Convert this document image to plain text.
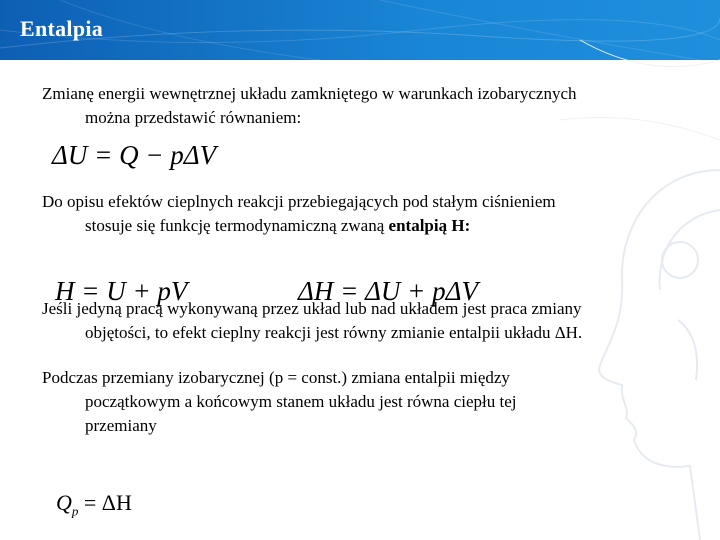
Entalpia
Zmianę energii wewnętrznej układu zamkniętego w warunkach izobarycznych
można przedstawić równaniem:
ΔU = Q − pΔV
Do opisu efektów cieplnych reakcji przebiegających pod stałym ciśnieniem
stosuje się funkcję termodynamiczną zwaną entalpią H:
H = U + pV	ΔH = ΔU + pΔV
Jeśli jedyną pracą wykonywaną przez układ lub nad układem jest praca zmiany
objętości, to efekt cieplny reakcji jest równy zmianie entalpii układu ΔH.
Podczas przemiany izobarycznej (p = const.) zmiana entalpii między
początkowym a końcowym stanem układu jest równa ciepłu tej
przemiany
$Q_p = \Delta H$
